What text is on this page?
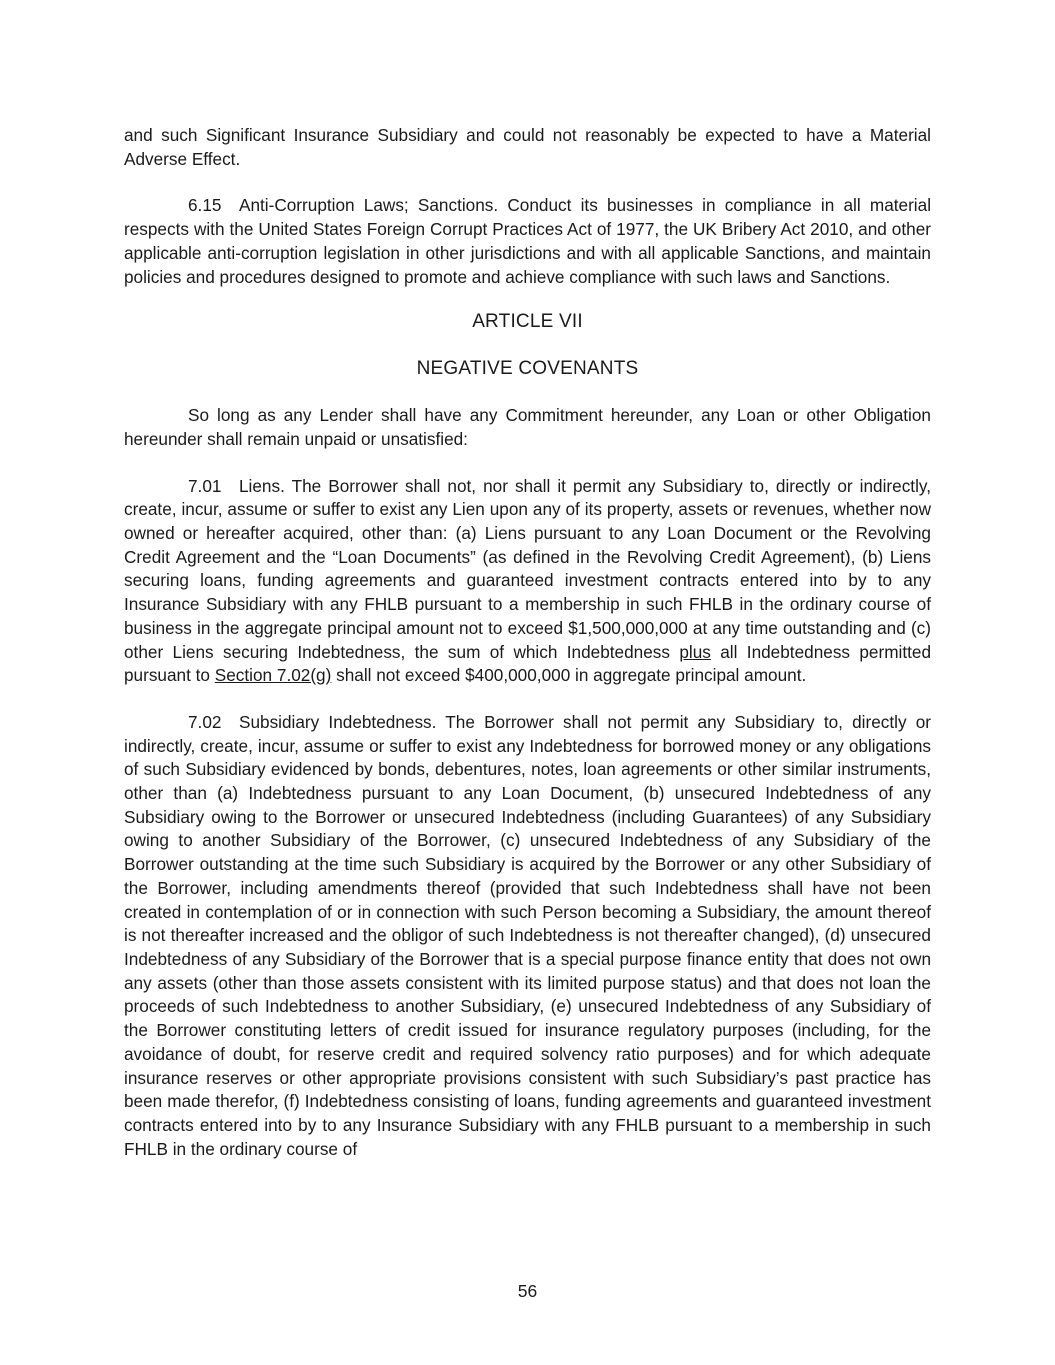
and such Significant Insurance Subsidiary and could not reasonably be expected to have a Material Adverse Effect.

6.15 Anti-Corruption Laws; Sanctions. Conduct its businesses in compliance in all material respects with the United States Foreign Corrupt Practices Act of 1977, the UK Bribery Act 2010, and other applicable anti-corruption legislation in other jurisdictions and with all applicable Sanctions, and maintain policies and procedures designed to promote and achieve compliance with such laws and Sanctions.

ARTICLE VII
NEGATIVE COVENANTS

So long as any Lender shall have any Commitment hereunder, any Loan or other Obligation hereunder shall remain unpaid or unsatisfied:

7.01 Liens. The Borrower shall not, nor shall it permit any Subsidiary to, directly or indirectly, create, incur, assume or suffer to exist any Lien upon any of its property, assets or revenues, whether now owned or hereafter acquired, other than: (a) Liens pursuant to any Loan Document or the Revolving Credit Agreement and the “Loan Documents” (as defined in the Revolving Credit Agreement), (b) Liens securing loans, funding agreements and guaranteed investment contracts entered into by to any Insurance Subsidiary with any FHLB pursuant to a membership in such FHLB in the ordinary course of business in the aggregate principal amount not to exceed $1,500,000,000 at any time outstanding and (c) other Liens securing Indebtedness, the sum of which Indebtedness plus all Indebtedness permitted pursuant to Section 7.02(g) shall not exceed $400,000,000 in aggregate principal amount.

7.02 Subsidiary Indebtedness. The Borrower shall not permit any Subsidiary to, directly or indirectly, create, incur, assume or suffer to exist any Indebtedness for borrowed money or any obligations of such Subsidiary evidenced by bonds, debentures, notes, loan agreements or other similar instruments, other than (a) Indebtedness pursuant to any Loan Document, (b) unsecured Indebtedness of any Subsidiary owing to the Borrower or unsecured Indebtedness (including Guarantees) of any Subsidiary owing to another Subsidiary of the Borrower, (c) unsecured Indebtedness of any Subsidiary of the Borrower outstanding at the time such Subsidiary is acquired by the Borrower or any other Subsidiary of the Borrower, including amendments thereof (provided that such Indebtedness shall have not been created in contemplation of or in connection with such Person becoming a Subsidiary, the amount thereof is not thereafter increased and the obligor of such Indebtedness is not thereafter changed), (d) unsecured Indebtedness of any Subsidiary of the Borrower that is a special purpose finance entity that does not own any assets (other than those assets consistent with its limited purpose status) and that does not loan the proceeds of such Indebtedness to another Subsidiary, (e) unsecured Indebtedness of any Subsidiary of the Borrower constituting letters of credit issued for insurance regulatory purposes (including, for the avoidance of doubt, for reserve credit and required solvency ratio purposes) and for which adequate insurance reserves or other appropriate provisions consistent with such Subsidiary’s past practice has been made therefor, (f) Indebtedness consisting of loans, funding agreements and guaranteed investment contracts entered into by to any Insurance Subsidiary with any FHLB pursuant to a membership in such FHLB in the ordinary course of

56
